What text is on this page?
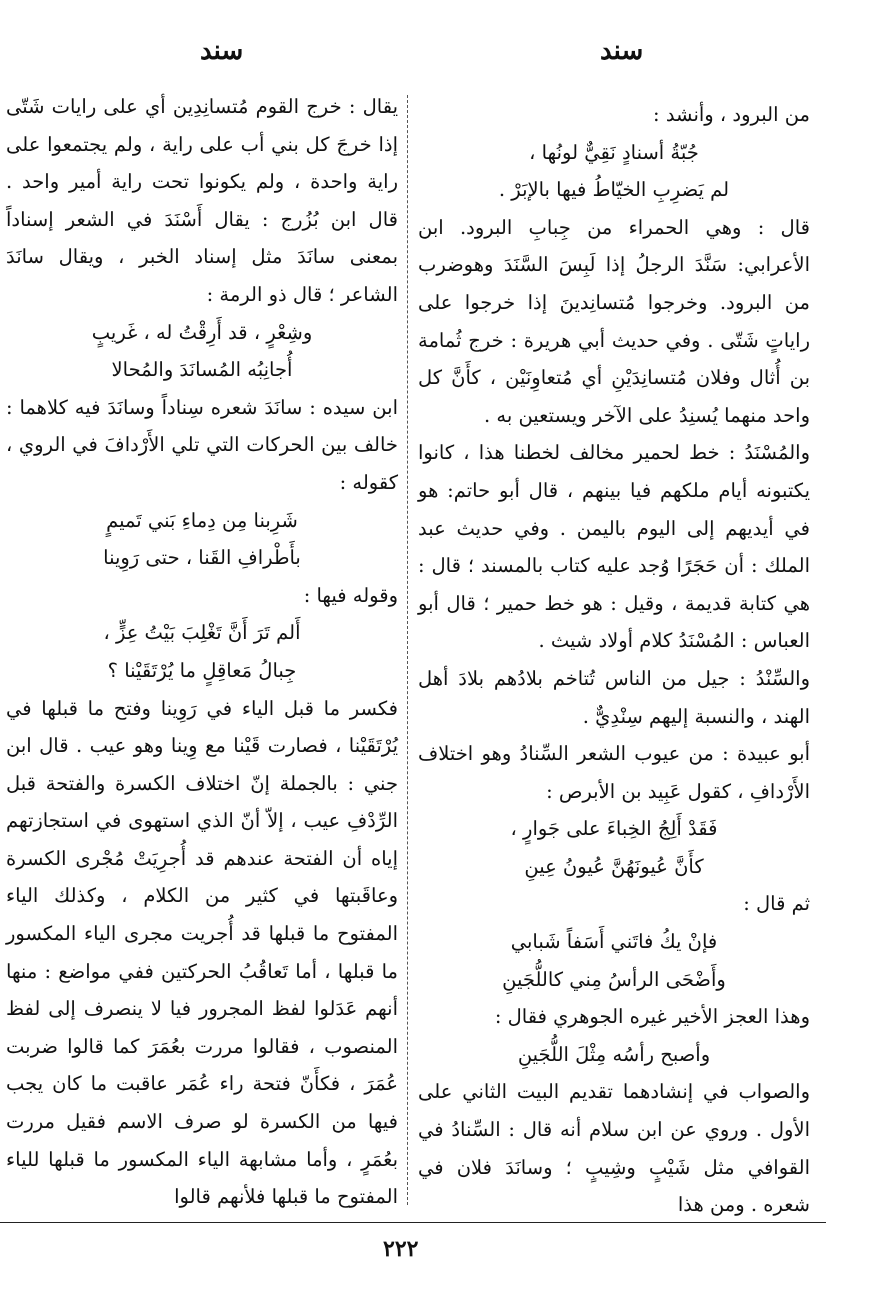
سند	سند

من البرود ، وأنشد :

جُبّةُ أسنادٍ نَقِيٌّ لونُها ،
لم يَضرِبِ الخيّاطُ فيها بالإبَرْ .

قال : وهي الحمراء من جِبابِ البرود. ابن الأعرابي: سَنَّدَ الرجلُ إذا لَبِسَ السَّنَدَ وهوضرب من البرود. وخرجوا مُتسانِدينَ إذا خرجوا على راياتٍ شَتّى . وفي حديث أبي هريرة : خرج ثُمامة بن أُثال وفلان مُتسانِدَيْنِ أي مُتعاوِنَيْن ، كأَنَّ كل واحد منهما يُسنِدُ على الآخر ويستعين به .

والمُسْنَدُ : خط لحمير مخالف لخطنا هذا ، كانوا يكتبونه أيام ملكهم فيا بينهم ، قال أبو حاتم: هو في أيديهم إلى اليوم باليمن . وفي حديث عبد الملك : أن حَجَرًا وُجد عليه كتاب بالمسند ؛ قال : هي كتابة قديمة ، وقيل : هو خط حمير ؛ قال أبو العباس : المُسْنَدُ كلام أولاد شيث .

والسِّنْدُ : جيل من الناس تُتاخم بلادُهم بلادَ أهل الهند ، والنسبة إليهم سِنْدِيٌّ .

أبو عبيدة : من عيوب الشعر السِّنادُ وهو اختلاف الأَرْدافِ ، كقول عَبِيد بن الأبرص :

فَقَدْ أَلِجُ الخِباءَ على جَوارٍ ،
كأَنَّ عُيونَهُنَّ عُيونُ عِينِ

ثم قال :

فإنْ يكُ فاتَني أَسَفاً شَبابي
وأَضْحَى الرأسُ مِني كاللُّجَينِ

وهذا العجز الأخير غيره الجوهري فقال :

وأصبح رأسُه مِثْلَ اللُّجَينِ

والصواب في إنشادهما تقديم البيت الثاني على الأول . وروي عن ابن سلام أنه قال : السِّنادُ في القوافي مثل شَيْبٍ وشِيبٍ ؛ وسانَدَ فلان في شعره . ومن هذا

يقال : خرج القوم مُتسانِدِين أي على رايات شَتّى إذا خرجَ كل بني أب على راية ، ولم يجتمعوا على راية واحدة ، ولم يكونوا تحت راية أمير واحد . قال ابن بُزُرج : يقال أَسْنَدَ في الشعر إسناداً بمعنى سانَدَ مثل إسناد الخبر ، ويقال سانَدَ الشاعر ؛ قال ذو الرمة :

وشِعْرٍ ، قد أَرِقْتُ له ، غَريبٍ
أُجانِبُه المُسانَدَ والمُحالا

ابن سيده : سانَدَ شعره سِناداً وسانَدَ فيه كلاهما : خالف بين الحركات التي تلي الأَرْدافَ في الروي ، كقوله :

شَرِبنا مِن دِماءِ بَني تَميمٍ
بأَطْرافِ القَنا ، حتى رَوِينا

وقوله فيها :

أَلم تَرَ أَنَّ تَغْلِبَ بَيْتُ عِزٍّ ،
جِبالُ مَعاقِلٍ ما يُرْتَقَيْنا ؟

فكسر ما قبل الياء في رَوِينا وفتح ما قبلها في يُرْتَقَيْنا ، فصارت قَيْنا مع وِينا وهو عيب . قال ابن جني : بالجملة إنّ اختلاف الكسرة والفتحة قبل الرِّدْفِ عيب ، إلاّ أنّ الذي استهوى في استجازتهم إياه أن الفتحة عندهم قد أُجرِيَتْ مُجْرى الكسرة وعاقَبتها في كثير من الكلام ، وكذلك الياء المفتوح ما قبلها قد أُجريت مجرى الياء المكسور ما قبلها ، أما تَعاقُبُ الحركتين ففي مواضع : منها أنهم عَدَلوا لفظ المجرور فيا لا ينصرف إلى لفظ المنصوب ، فقالوا مررت بعُمَرَ كما قالوا ضربت عُمَرَ ، فكأَنّ فتحة راء عُمَر عاقبت ما كان يجب فيها من الكسرة لو صرف الاسم فقيل مررت بعُمَرٍ ، وأما مشابهة الياء المكسور ما قبلها للياء المفتوح ما قبلها فلأنهم قالوا

٢٢٢
